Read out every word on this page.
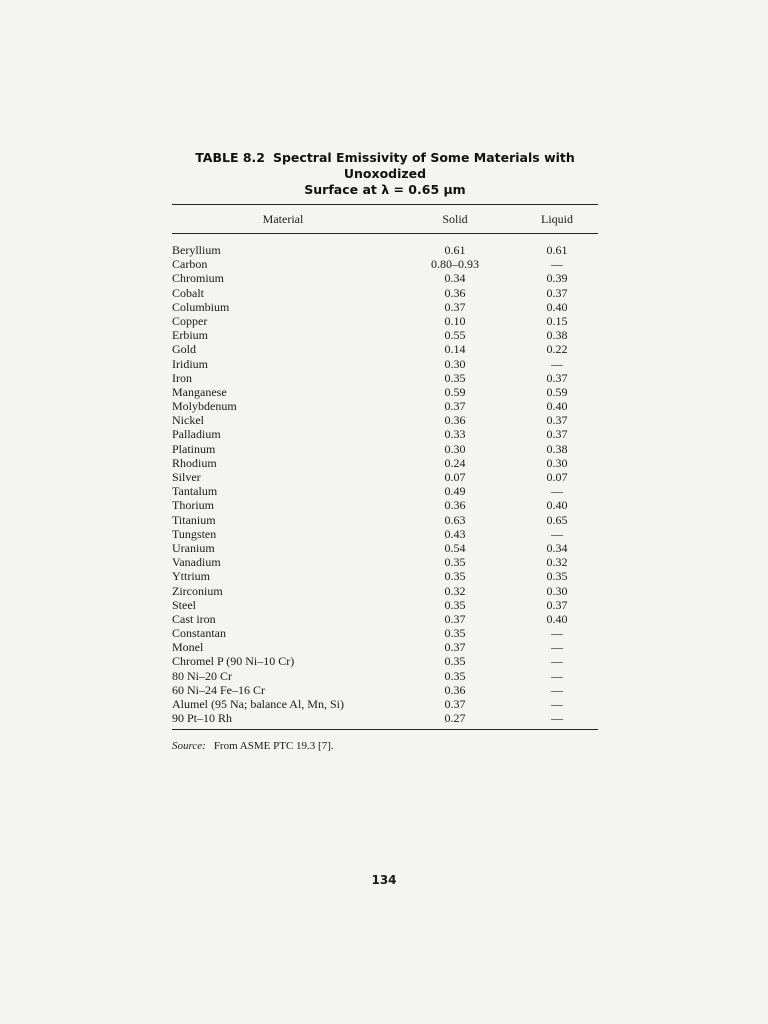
TABLE 8.2 Spectral Emissivity of Some Materials with Unoxodized
Surface at λ = 0.65 μm
Material	Solid	Liquid
Beryllium	0.61	0.61
Carbon	0.80–0.93	—
Chromium	0.34	0.39
Cobalt	0.36	0.37
Columbium	0.37	0.40
Copper	0.10	0.15
Erbium	0.55	0.38
Gold	0.14	0.22
Iridium	0.30	—
Iron	0.35	0.37
Manganese	0.59	0.59
Molybdenum	0.37	0.40
Nickel	0.36	0.37
Palladium	0.33	0.37
Platinum	0.30	0.38
Rhodium	0.24	0.30
Silver	0.07	0.07
Tantalum	0.49	—
Thorium	0.36	0.40
Titanium	0.63	0.65
Tungsten	0.43	—
Uranium	0.54	0.34
Vanadium	0.35	0.32
Yttrium	0.35	0.35
Zirconium	0.32	0.30
Steel	0.35	0.37
Cast iron	0.37	0.40
Constantan	0.35	—
Monel	0.37	—
Chromel P (90 Ni–10 Cr)	0.35	—
80 Ni–20 Cr	0.35	—
60 Ni–24 Fe–16 Cr	0.36	—
Alumel (95 Na; balance Al, Mn, Si)	0.37	—
90 Pt–10 Rh	0.27	—
Source: From ASME PTC 19.3 [7].
134
